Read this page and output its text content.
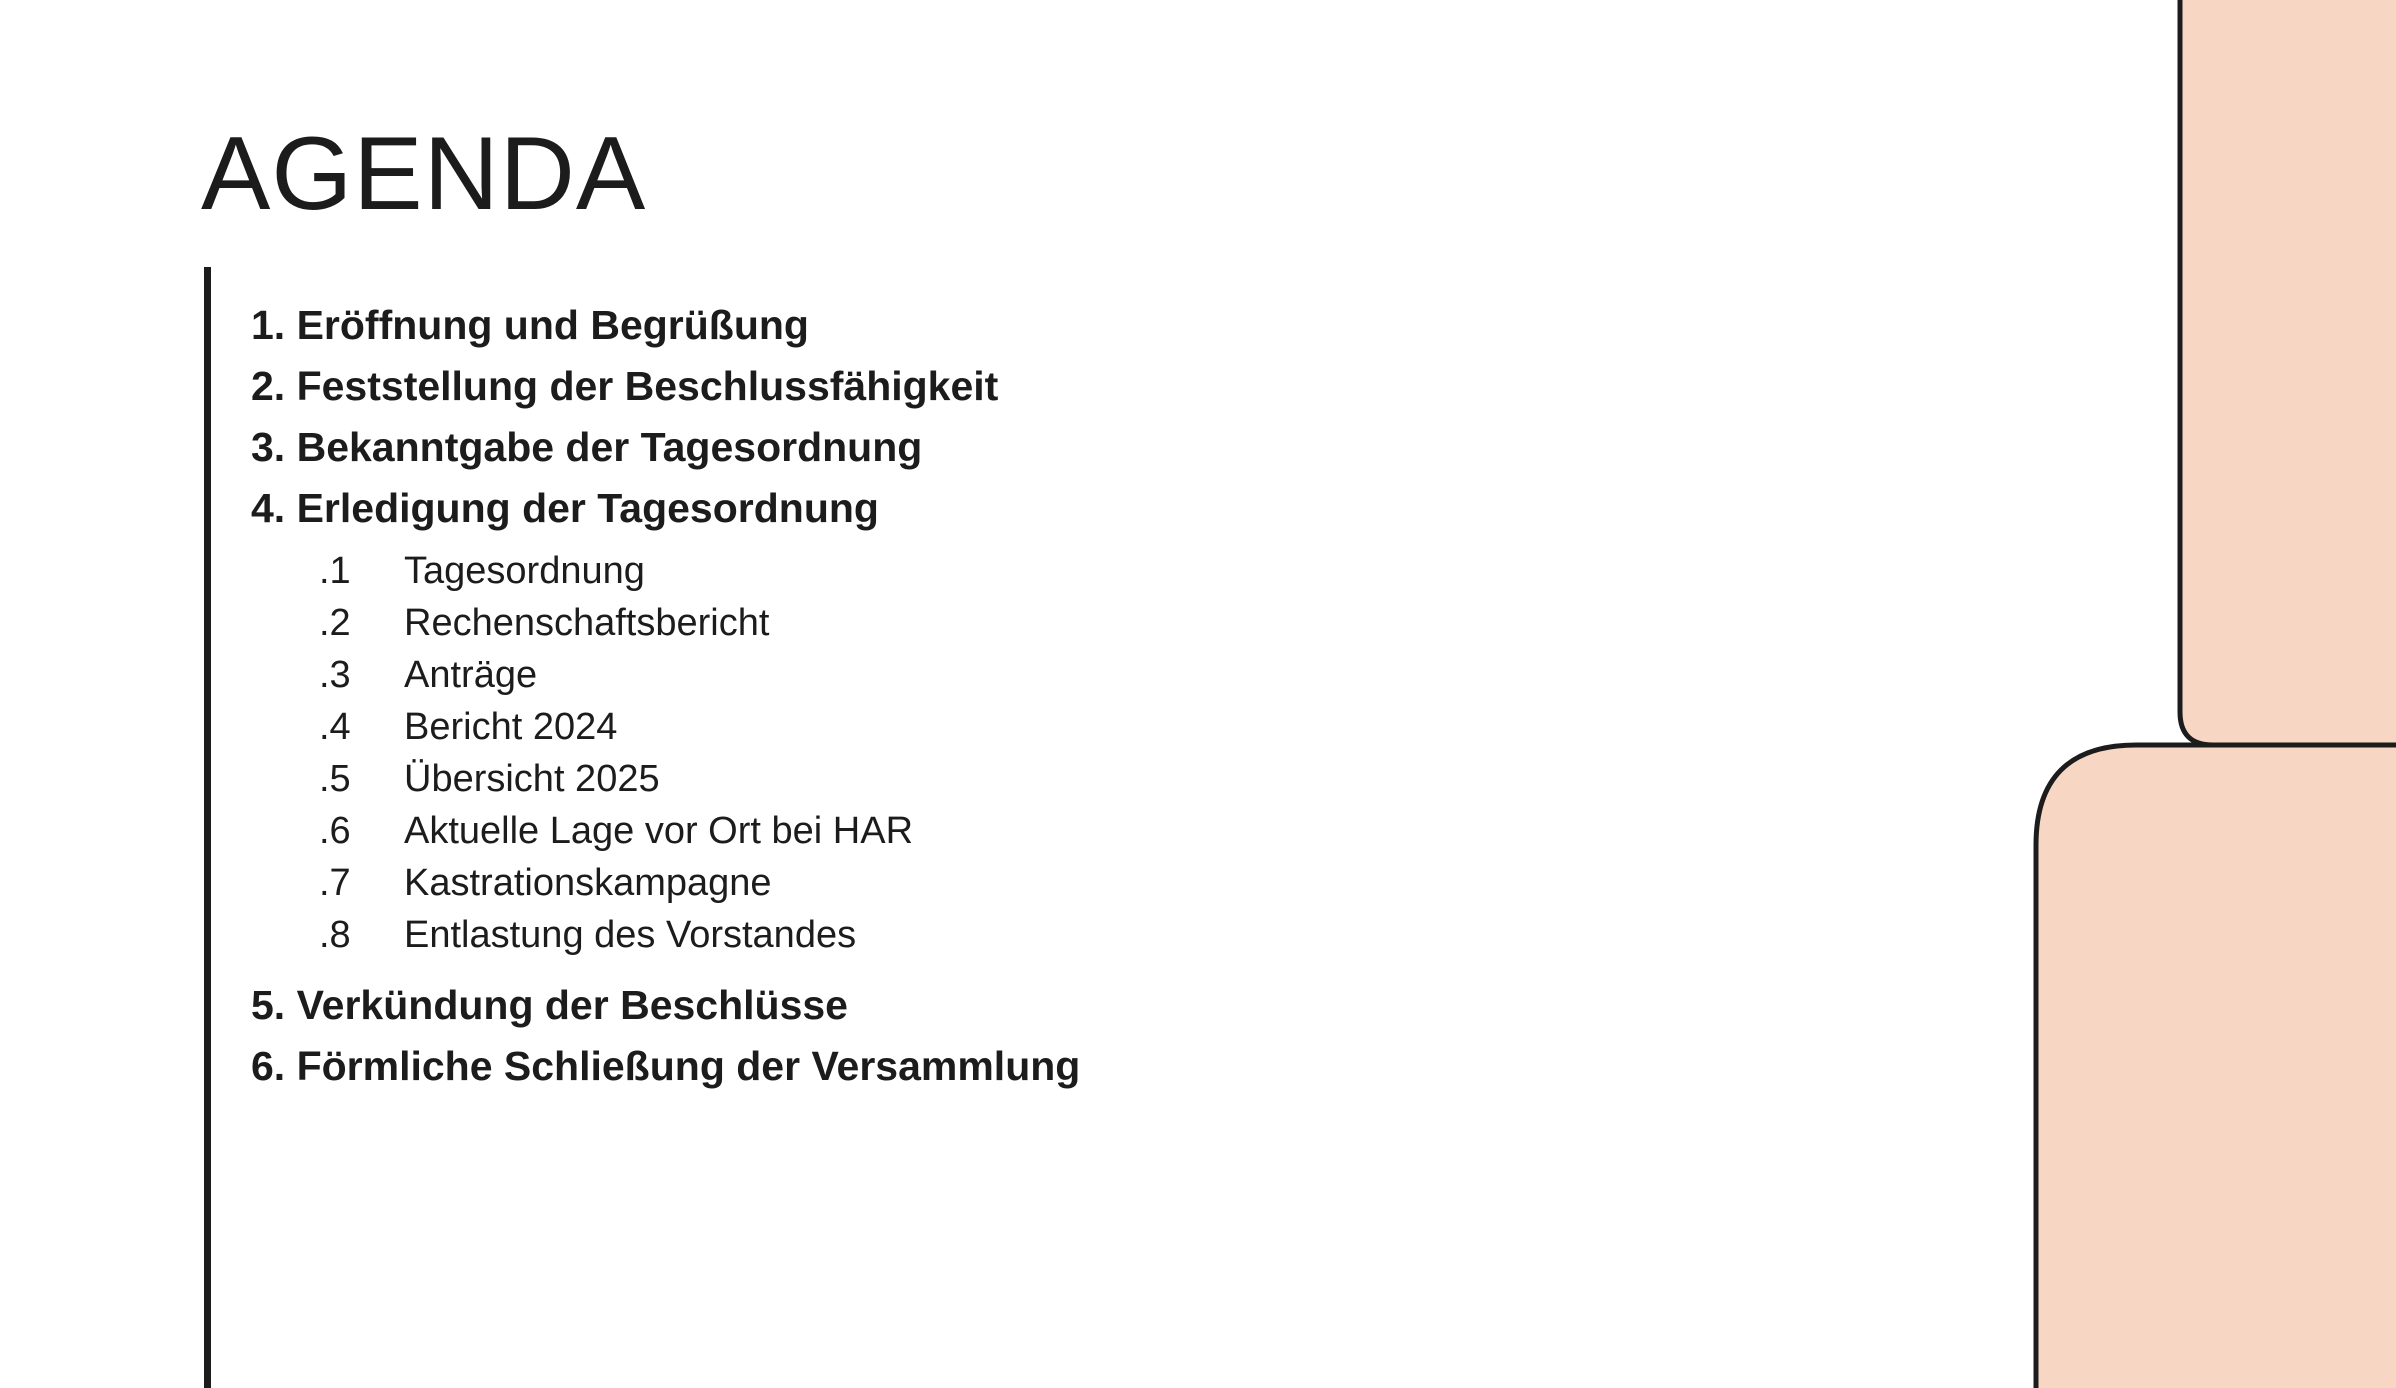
AGENDA
1. Eröffnung und Begrüßung
2. Feststellung der Beschlussfähigkeit
3. Bekanntgabe der Tagesordnung
4. Erledigung der Tagesordnung
.1 Tagesordnung
.2 Rechenschaftsbericht
.3 Anträge
.4 Bericht 2024
.5 Übersicht 2025
.6 Aktuelle Lage vor Ort bei HAR
.7 Kastrationskampagne
.8 Entlastung des Vorstandes
5. Verkündung der Beschlüsse
6. Förmliche Schließung der Versammlung
